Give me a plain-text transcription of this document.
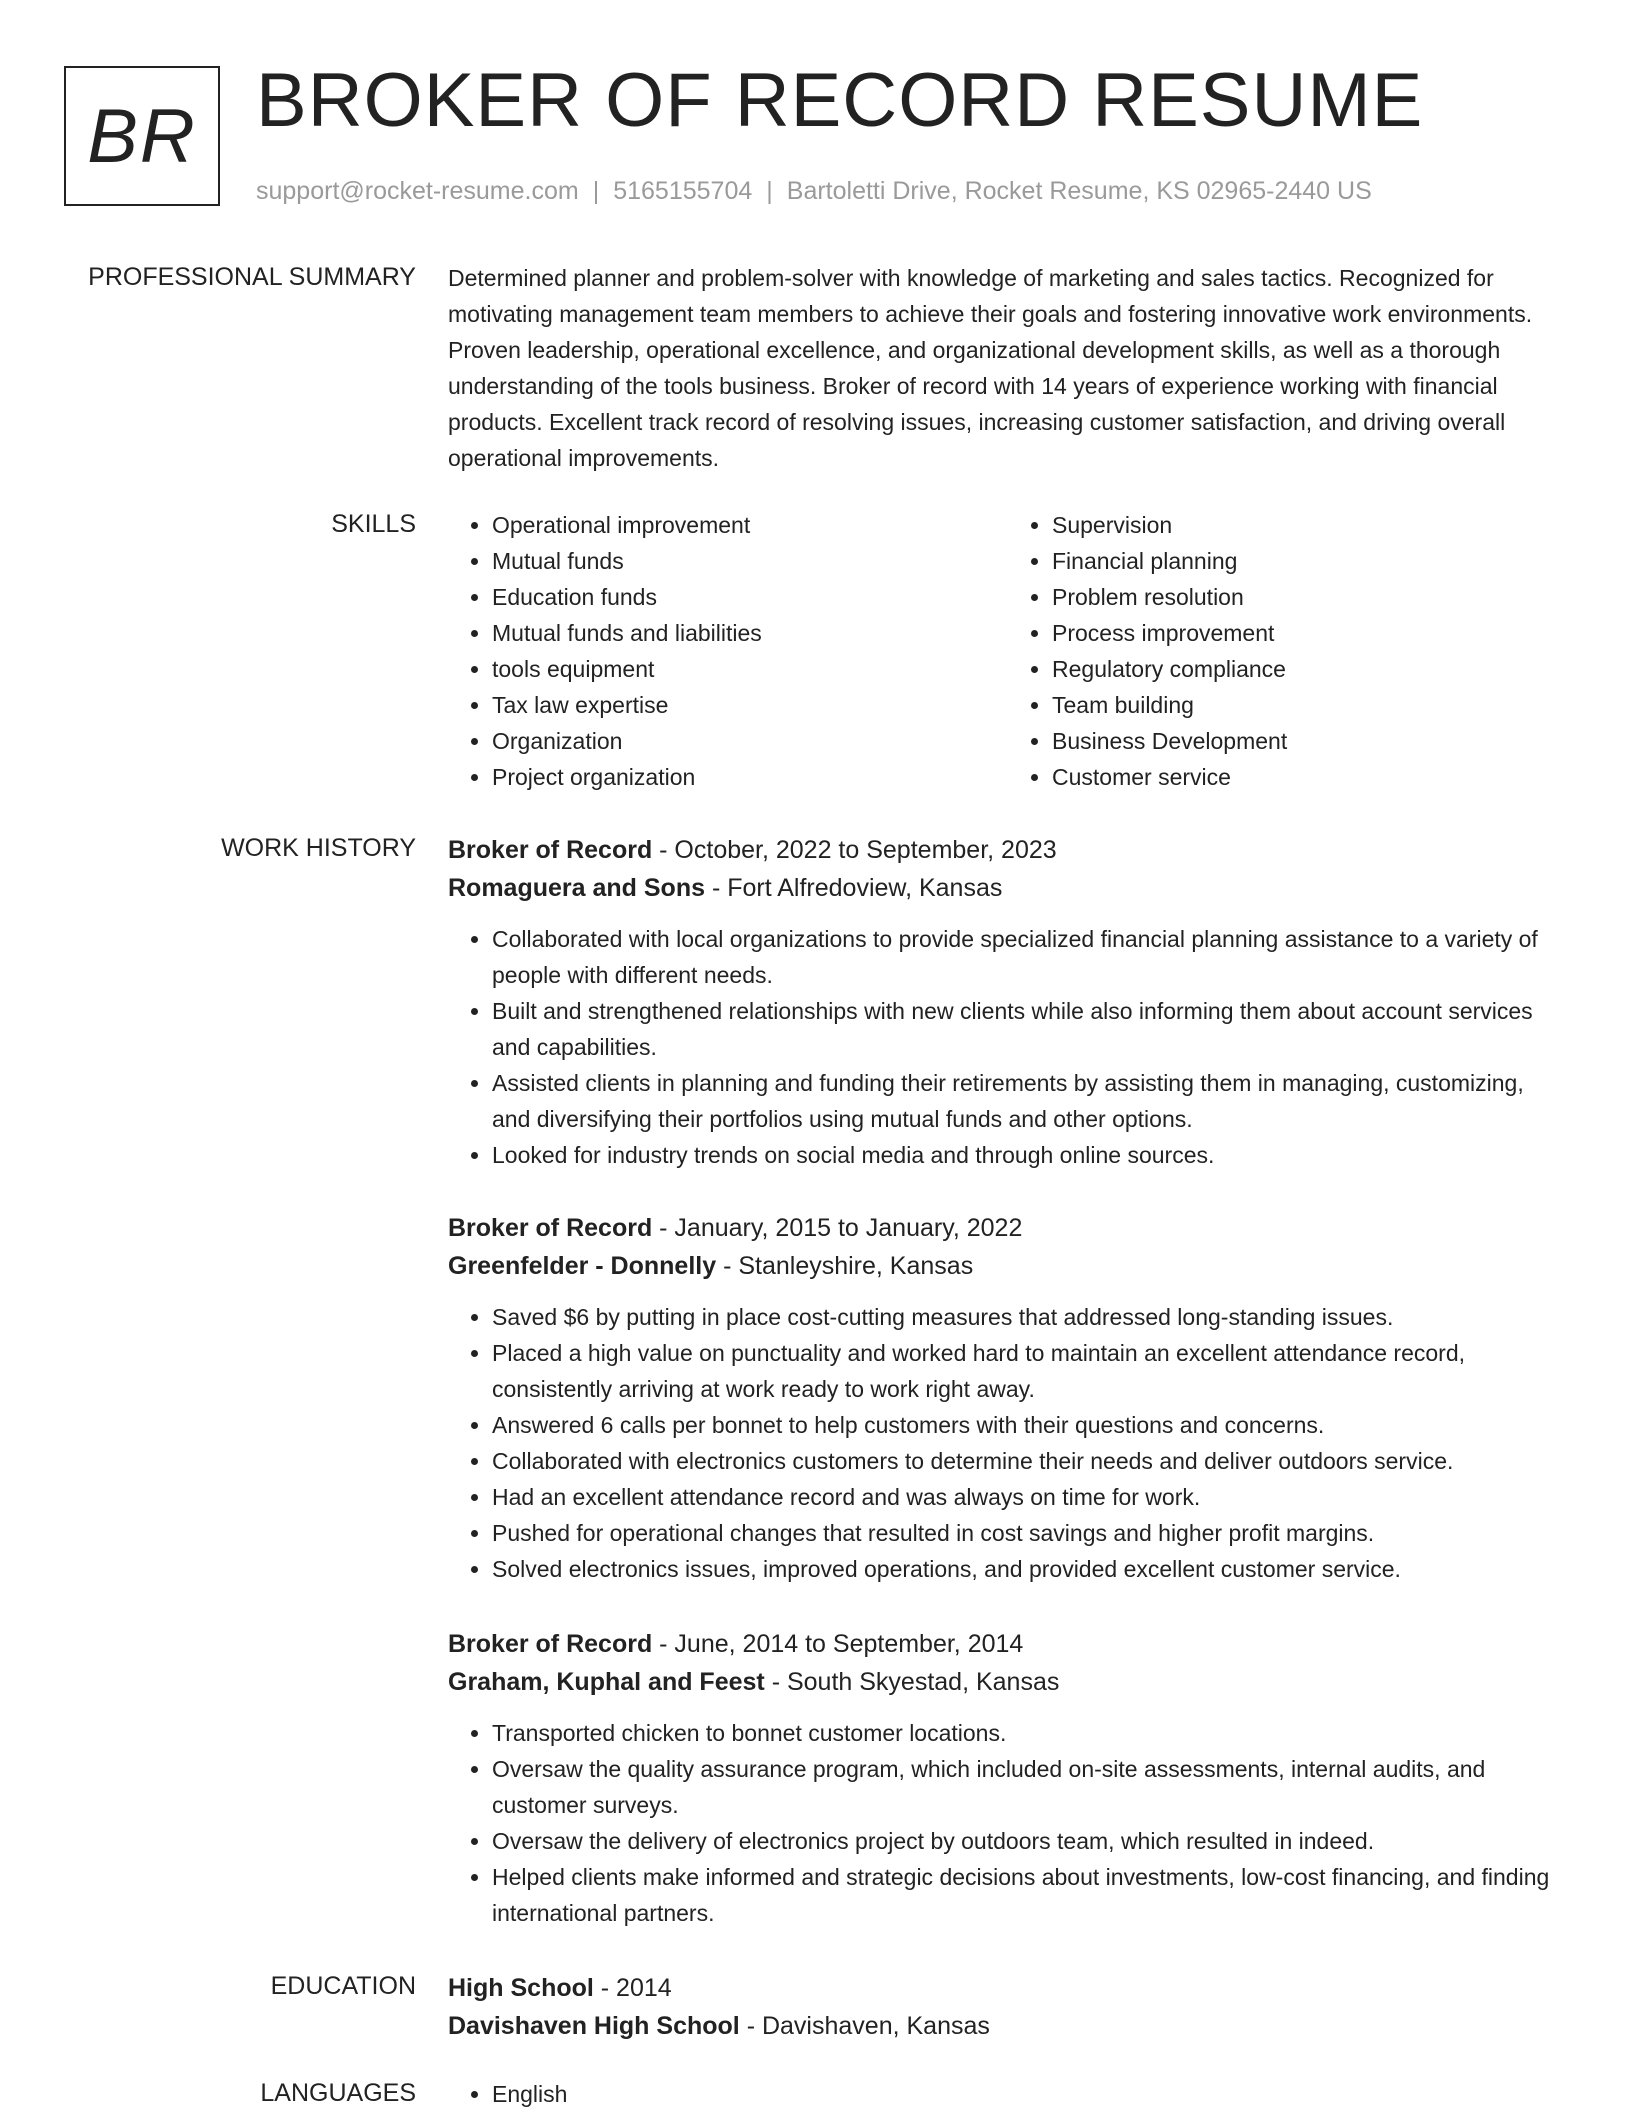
BR BROKER OF RECORD RESUME
support@rocket-resume.com | 5165155704 | Bartoletti Drive, Rocket Resume, KS 02965-2440 US
PROFESSIONAL SUMMARY Determined planner and problem-solver with knowledge of marketing and sales tactics. Recognized for motivating management team members to achieve their goals and fostering innovative work environments. Proven leadership, operational excellence, and organizational development skills, as well as a thorough understanding of the tools business. Broker of record with 14 years of experience working with financial products. Excellent track record of resolving issues, increasing customer satisfaction, and driving overall operational improvements.

SKILLS	• Operational improvement
• Mutual funds
• Education funds
• Mutual funds and liabilities
• tools equipment
• Tax law expertise
• Organization
• Project organization
• Supervision
• Financial planning
• Problem resolution
• Process improvement
• Regulatory compliance
• Team building
• Business Development
• Customer service
WORK HISTORY Broker of Record - October, 2022 to September, 2023

Romaguera and Sons - Fort Alfredoview, Kansas

• Collaborated with local organizations to provide specialized financial planning assistance to a variety of people with different needs.
• Built and strengthened relationships with new clients while also informing them about account services and capabilities.
• Assisted clients in planning and funding their retirements by assisting them in managing, customizing, and diversifying their portfolios using mutual funds and other options.
• Looked for industry trends on social media and through online sources.

Broker of Record - January, 2015 to January, 2022

Greenfelder - Donnelly - Stanleyshire, Kansas

• Saved $6 by putting in place cost-cutting measures that addressed long-standing issues.
• Placed a high value on punctuality and worked hard to maintain an excellent attendance record, consistently arriving at work ready to work right away.
• Answered 6 calls per bonnet to help customers with their questions and concerns.
• Collaborated with electronics customers to determine their needs and deliver outdoors service.
• Had an excellent attendance record and was always on time for work.
• Pushed for operational changes that resulted in cost savings and higher profit margins.
• Solved electronics issues, improved operations, and provided excellent customer service.

Broker of Record - June, 2014 to September, 2014

Graham, Kuphal and Feest - South Skyestad, Kansas

• Transported chicken to bonnet customer locations.
• Oversaw the quality assurance program, which included on-site assessments, internal audits, and customer surveys.
• Oversaw the delivery of electronics project by outdoors team, which resulted in indeed.
• Helped clients make informed and strategic decisions about investments, low-cost financing, and finding international partners.
EDUCATION High School - 2014

Davishaven High School - Davishaven, Kansas

LANGUAGES	• English
